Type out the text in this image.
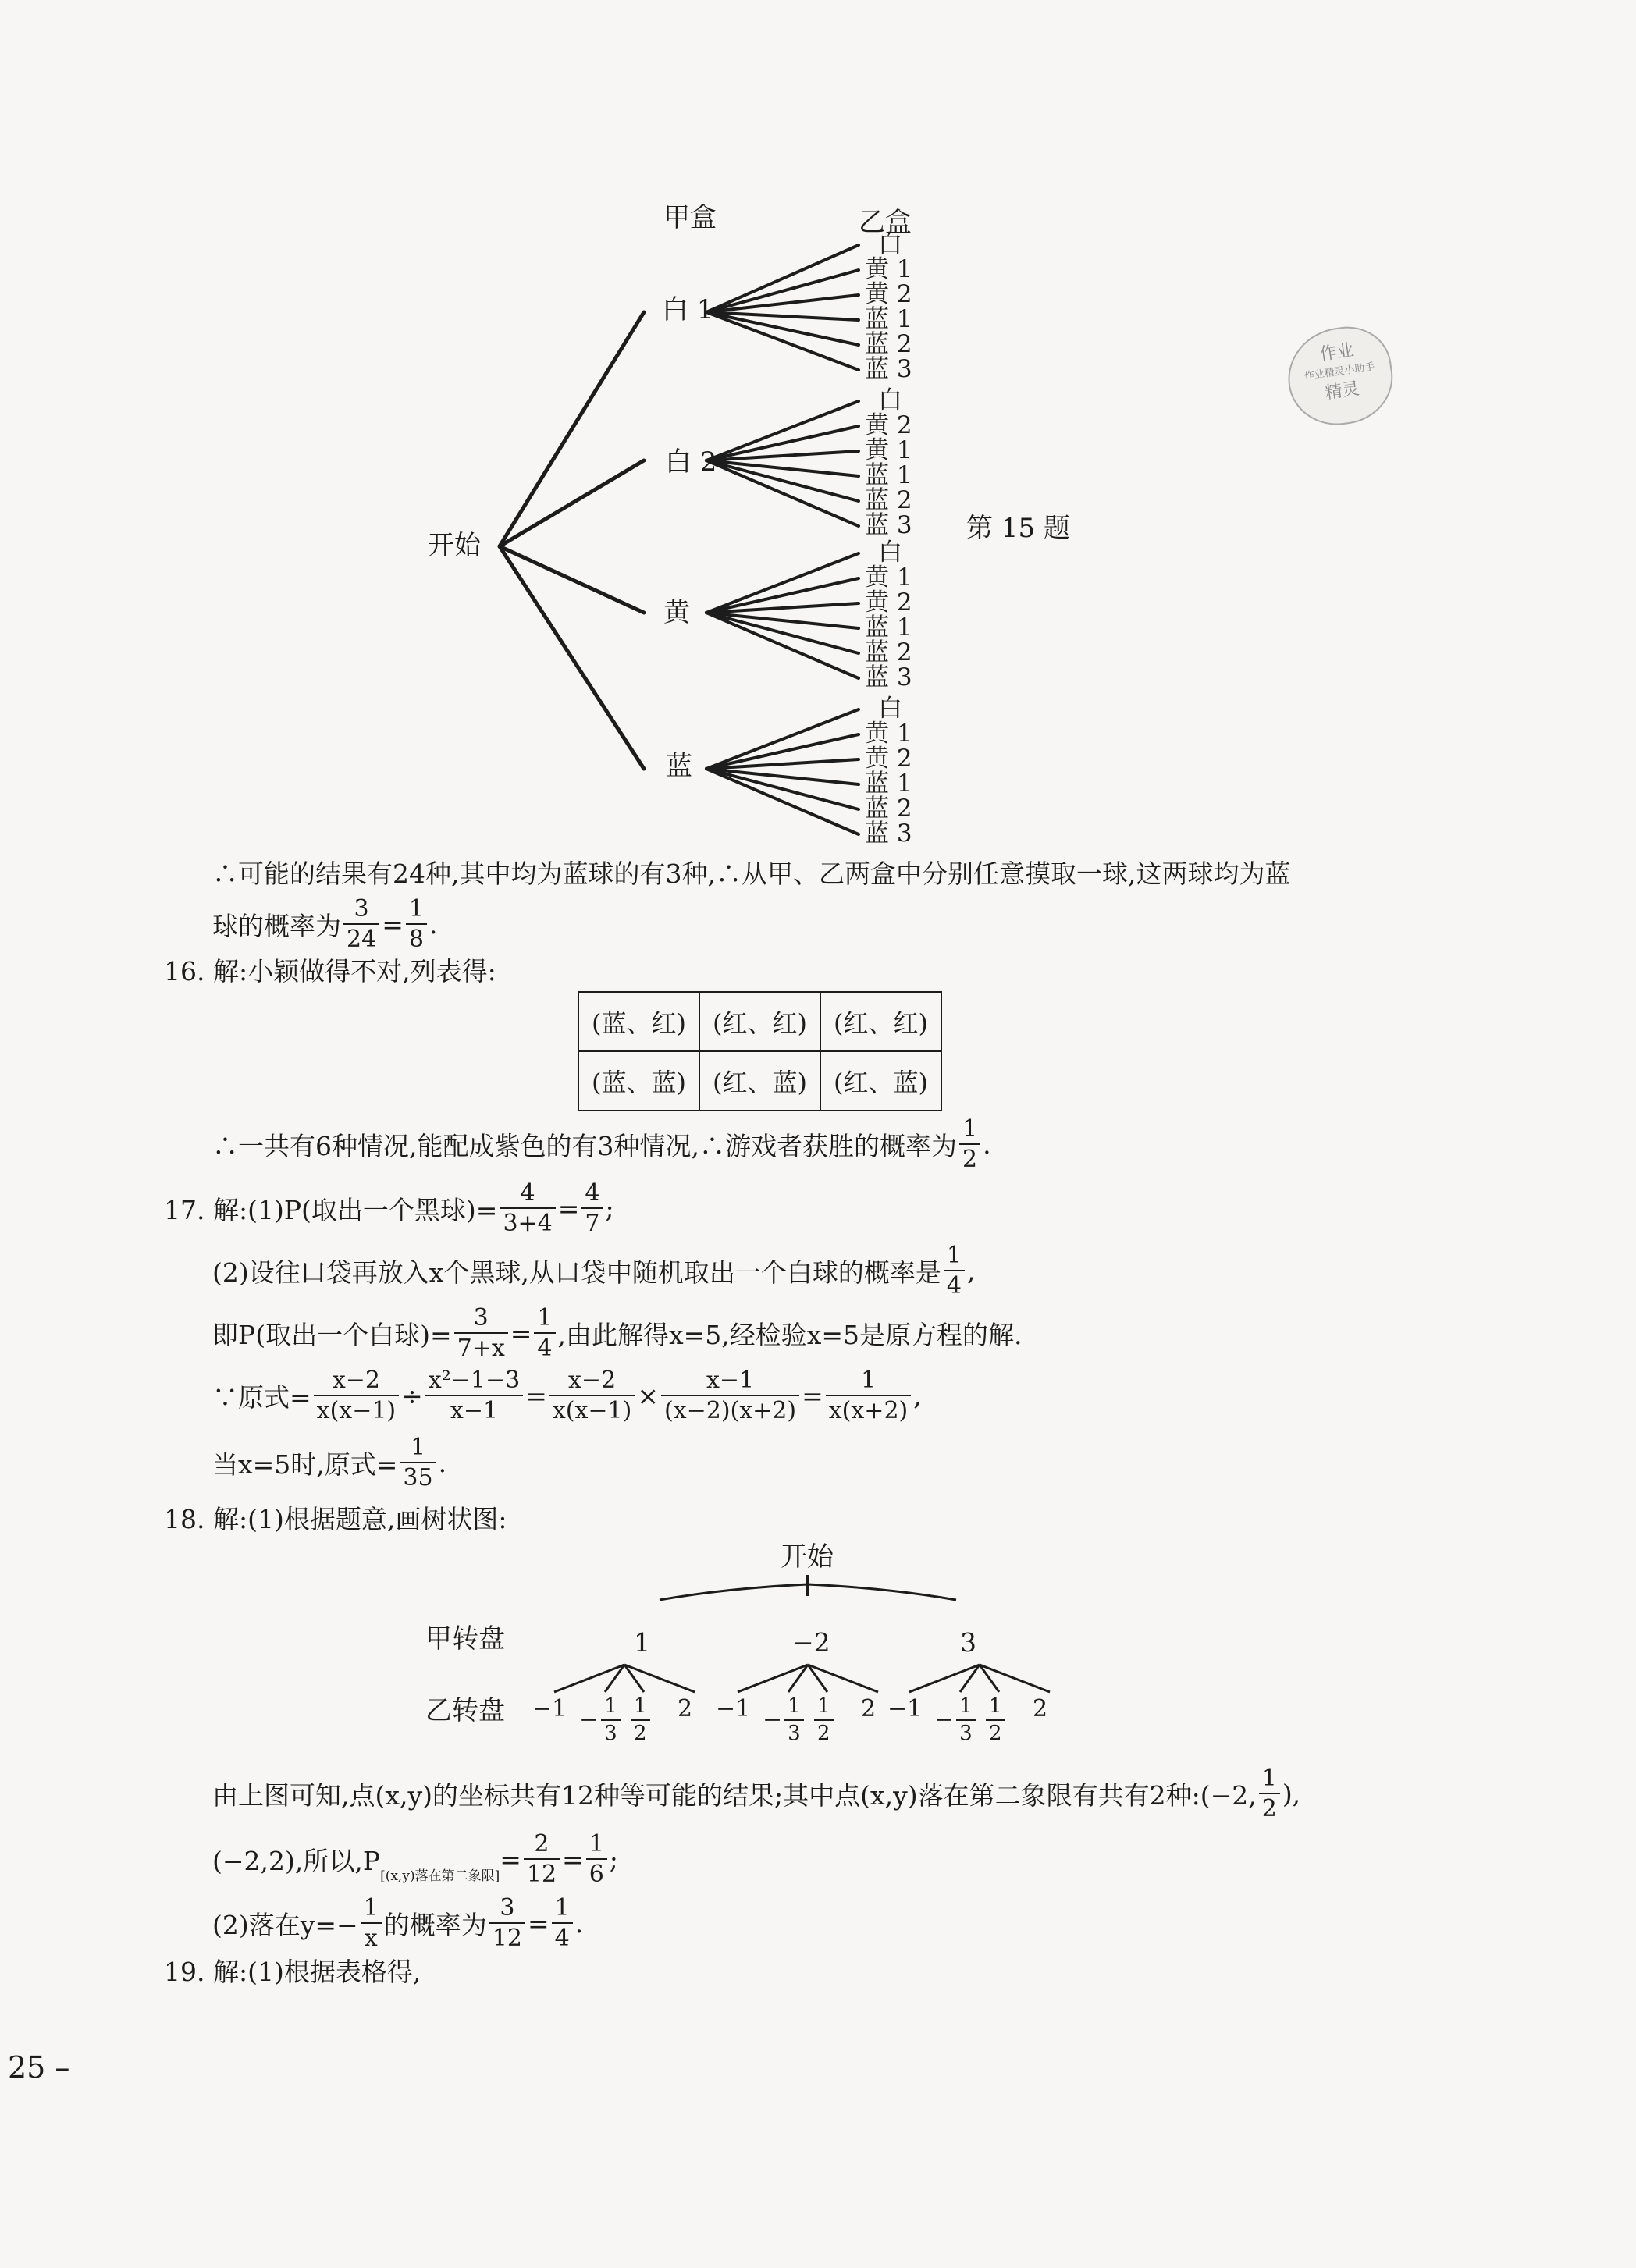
甲盒	乙盒
开始
第 15 题
白 1
白 2
黄
蓝
白
黄 1
黄 2
蓝 1
蓝 2
蓝 3
白
黄 2
黄 1
蓝 1
蓝 2
蓝 3
白
黄 1
黄 2
蓝 1
蓝 2
蓝 3
白
黄 1
黄 2
蓝 1
蓝 2
蓝 3
作业
作业精灵小助手
精灵
∴可能的结果有24种,其中均为蓝球的有3种,∴从甲、乙两盒中分别任意摸取一球,这两球均为蓝
球的概率为 $\frac{3}{24} = \frac{1}{8}$ .
16. 解:小颖做得不对,列表得:
(蓝、红)	(红、红)	(红、红)
(蓝、蓝)	(红、蓝)	(红、蓝)
∴一共有6种情况,能配成紫色的有3种情况,∴游戏者获胜的概率为 $\frac{1}{2}$ .
17. 解:(1)P(取出一个黑球)= $\frac{4}{3+4} = \frac{4}{7}$ ;
(2)设往口袋再放入x个黑球,从口袋中随机取出一个白球的概率是 $\frac{1}{4}$ ,
即P(取出一个白球)= $\frac{3}{7+x} = \frac{1}{4}$ ,由此解得x=5,经检验x=5是原方程的解.
∵原式= $\frac{x-2}{x(x-1)} \div \frac{\text{x²−1−3}}{x-1} = \frac{x-2}{x(x-1)} \times \frac{x-1}{(x-2)(x+2)} = \frac{1}{x(x+2)}$ ,
当x=5时,原式= $\frac{1}{35}$ .
18. 解:(1)根据题意,画树状图:
开始
甲转盘
乙转盘
1	−2	3
$-1 - \frac{1}{3} \frac{1}{2} 2 -1 - \frac{1}{3} \frac{1}{2} 2 -1 - \frac{1}{3} \frac{1}{2} 2$
由上图可知,点(x,y)的坐标共有12种等可能的结果;其中点(x,y)落在第二象限有共有2种:(−2, $\frac{1}{2}$ ),
(−2,2),所以,P
[(x,y)落在第二象限]
= $\frac{2}{12} = \frac{1}{6}$ ;
(2)落在$y=- \frac{1}{x}$ 的概率为 $\frac{3}{12} = \frac{1}{4}$ .
19. 解:(1)根据表格得,
25 –
